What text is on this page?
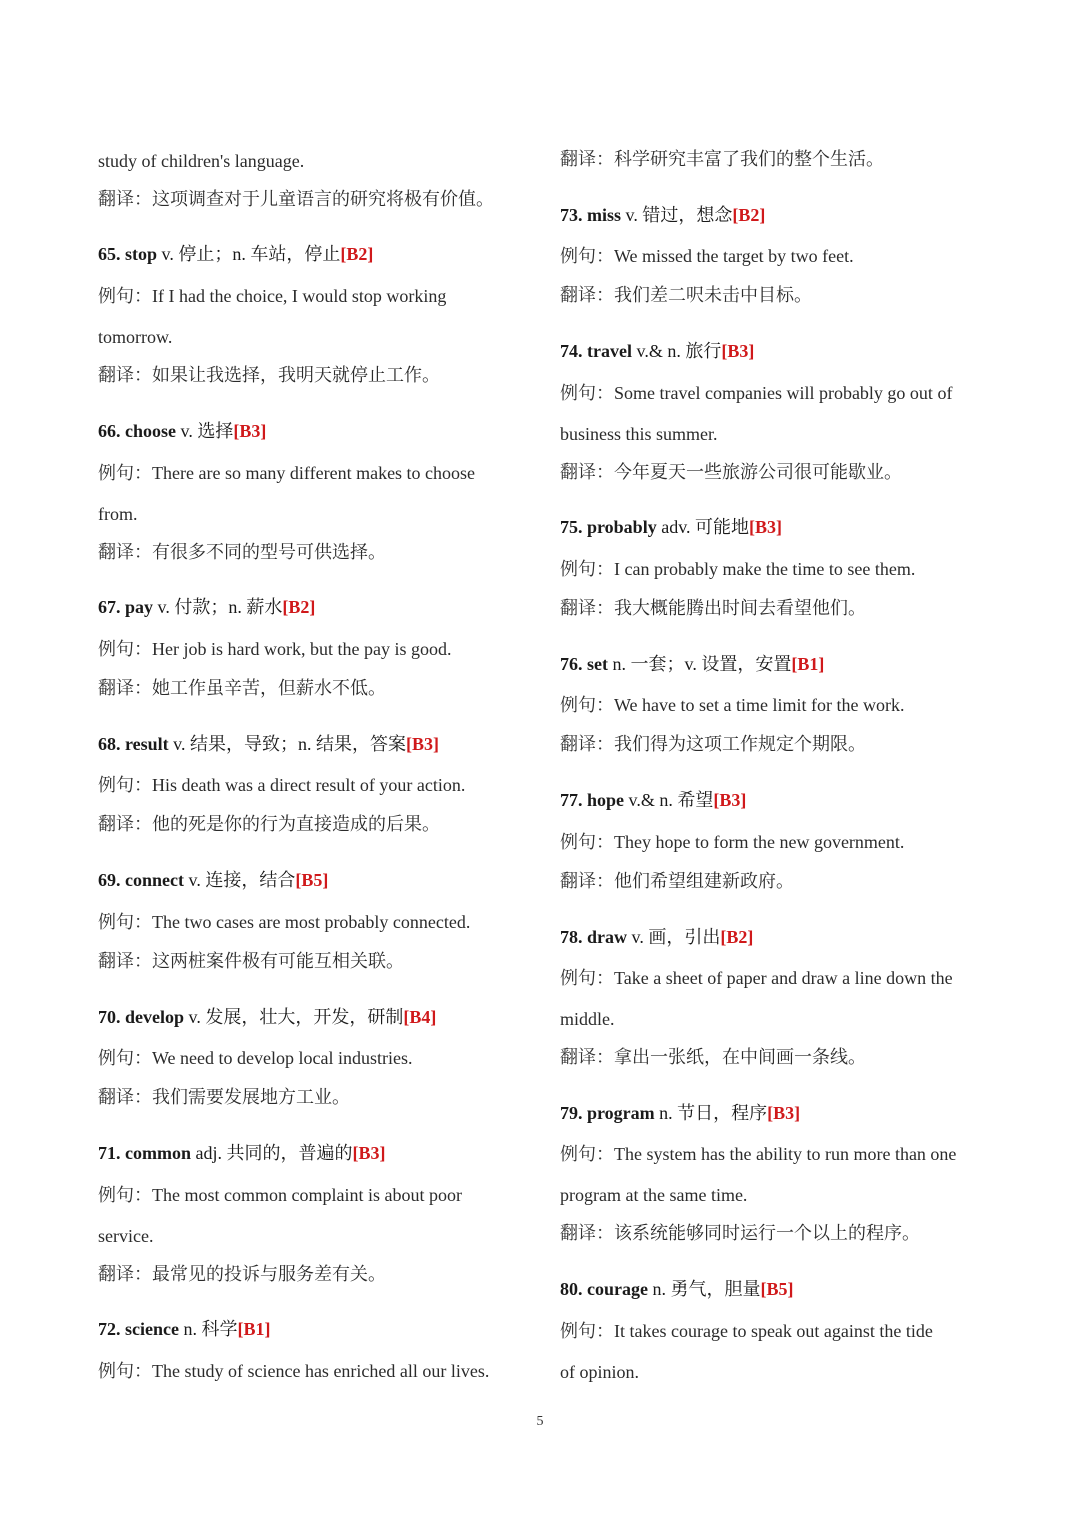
study of children's language.
翻译：这项调查对于儿童语言的研究将极有价值。
65. stop v. 停止；n. 车站，停止[B2]
例句：If I had the choice, I would stop working
tomorrow.
翻译：如果让我选择，我明天就停止工作。
66. choose v. 选择[B3]
例句：There are so many different makes to choose
from.
翻译：有很多不同的型号可供选择。
67. pay v. 付款；n. 薪水[B2]
例句：Her job is hard work, but the pay is good.
翻译：她工作虽辛苦，但薪水不低。
68. result v. 结果，导致；n. 结果，答案[B3]
例句：His death was a direct result of your action.
翻译：他的死是你的行为直接造成的后果。
69. connect v. 连接，结合[B5]
例句：The two cases are most probably connected.
翻译：这两桩案件极有可能互相关联。
70. develop v. 发展，壮大，开发，研制[B4]
例句：We need to develop local industries.
翻译：我们需要发展地方工业。
71. common adj. 共同的，普遍的[B3]
例句：The most common complaint is about poor
service.
翻译：最常见的投诉与服务差有关。
72. science n. 科学[B1]
例句：The study of science has enriched all our lives.
翻译：科学研究丰富了我们的整个生活。
73. miss v. 错过，想念[B2]
例句：We missed the target by two feet.
翻译：我们差二呎未击中目标。
74. travel v.& n. 旅行[B3]
例句：Some travel companies will probably go out of
business this summer.
翻译：今年夏天一些旅游公司很可能歇业。
75. probably adv. 可能地[B3]
例句：I can probably make the time to see them.
翻译：我大概能腾出时间去看望他们。
76. set n. 一套；v. 设置，安置[B1]
例句：We have to set a time limit for the work.
翻译：我们得为这项工作规定个期限。
77. hope v.& n. 希望[B3]
例句：They hope to form the new government.
翻译：他们希望组建新政府。
78. draw v. 画，引出[B2]
例句：Take a sheet of paper and draw a line down the
middle.
翻译：拿出一张纸，在中间画一条线。
79. program n. 节日，程序[B3]
例句：The system has the ability to run more than one
program at the same time.
翻译：该系统能够同时运行一个以上的程序。
80. courage n. 勇气，胆量[B5]
例句：It takes courage to speak out against the tide
of opinion.
5
